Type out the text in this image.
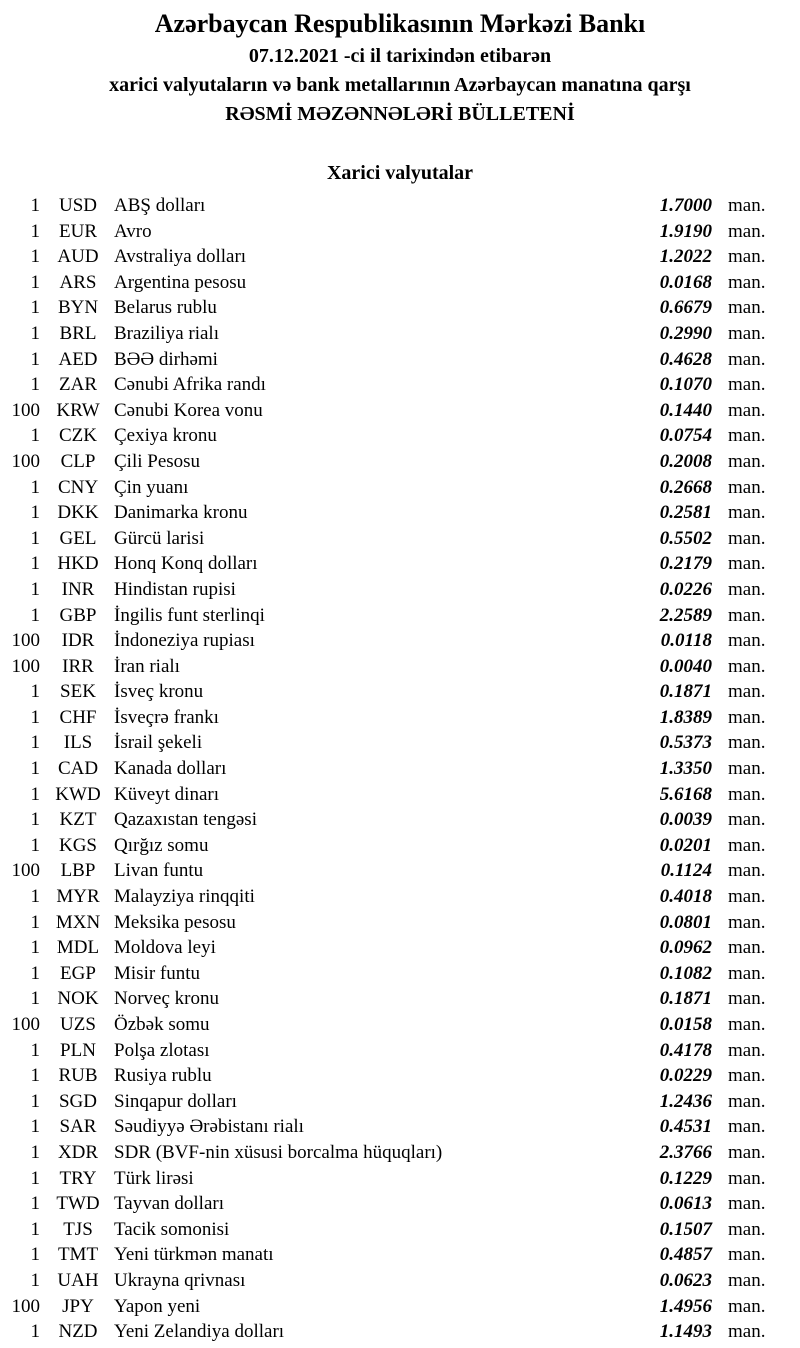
Azərbaycan Respublikasının Mərkəzi Bankı
07.12.2021 -ci il tarixindən etibarən
xarici valyutaların və bank metallarının Azərbaycan manatına qarşı
RƏSMİ MƏZƏNNƏLƏRİ BÜLLETENİ
Xarici valyutalar
1 USD ABŞ dolları	1.7000 man.
1	EUR Avro	1.9190 man.
1 AUD Avstraliya dolları	1.2022 man.
1	ARS Argentina pesosu	0.0168 man.
1 BYN Belarus rublu	0.6679 man.
1	BRL Braziliya rialı	0.2990 man.
1 AED BƏƏ dirhəmi	0.4628 man.
1	ZAR Cənubi Afrika randı	0.1070 man.
100 KRW Cənubi Korea vonu	0.1440 man.
1	CZK Çexiya kronu	0.0754 man.
100	CLP Çili Pesosu	0.2008 man.
1 CNY Çin yuanı	0.2668 man.
1 DKK Danimarka kronu	0.2581 man.
1	GEL Gürcü larisi	0.5502 man.
1 HKD Honq Konq dolları	0.2179 man.
1	INR	Hindistan rupisi	0.0226 man.
1	GBP İngilis funt sterlinqi	2.2589 man.
100	IDR	İndoneziya rupiası	0.0118 man.
100	IRR	İran rialı	0.0040 man.
1	SEK İsveç kronu	0.1871 man.
1	CHF İsveçrə frankı	1.8389 man.
1	ILS	İsrail şekeli	0.5373 man.
1 CAD Kanada dolları	1.3350 man.
1 KWD Küveyt dinarı	5.6168 man.
1	KZT Qazaxıstan tengəsi	0.0039 man.
1 KGS Qırğız somu	0.0201 man.
100	LBP Livan funtu	0.1124 man.
1 MYR Malayziya rinqqiti	0.4018 man.
1 MXN Meksika pesosu	0.0801 man.
1 MDL Moldova leyi	0.0962 man.
1	EGP Misir funtu	0.1082 man.
1 NOK Norveç kronu	0.1871 man.
100	UZS Özbək somu	0.0158 man.
1	PLN Polşa zlotası	0.4178 man.
1 RUB Rusiya rublu	0.0229 man.
1 SGD Sinqapur dolları	1.2436 man.
1	SAR Səudiyyə Ərəbistanı rialı	0.4531 man.
1 XDR SDR (BVF-nin xüsusi borcalma hüquqları)	2.3766 man.
1	TRY Türk lirəsi	0.1229 man.
1 TWD Tayvan dolları	0.0613 man.
1	TJS	Tacik somonisi	0.1507 man.
1 TMT Yeni türkmən manatı	0.4857 man.
1 UAH Ukrayna qrivnası	0.0623 man.
100	JPY	Yapon yeni	1.4956 man.
1 NZD Yeni Zelandiya dolları	1.1493 man.
